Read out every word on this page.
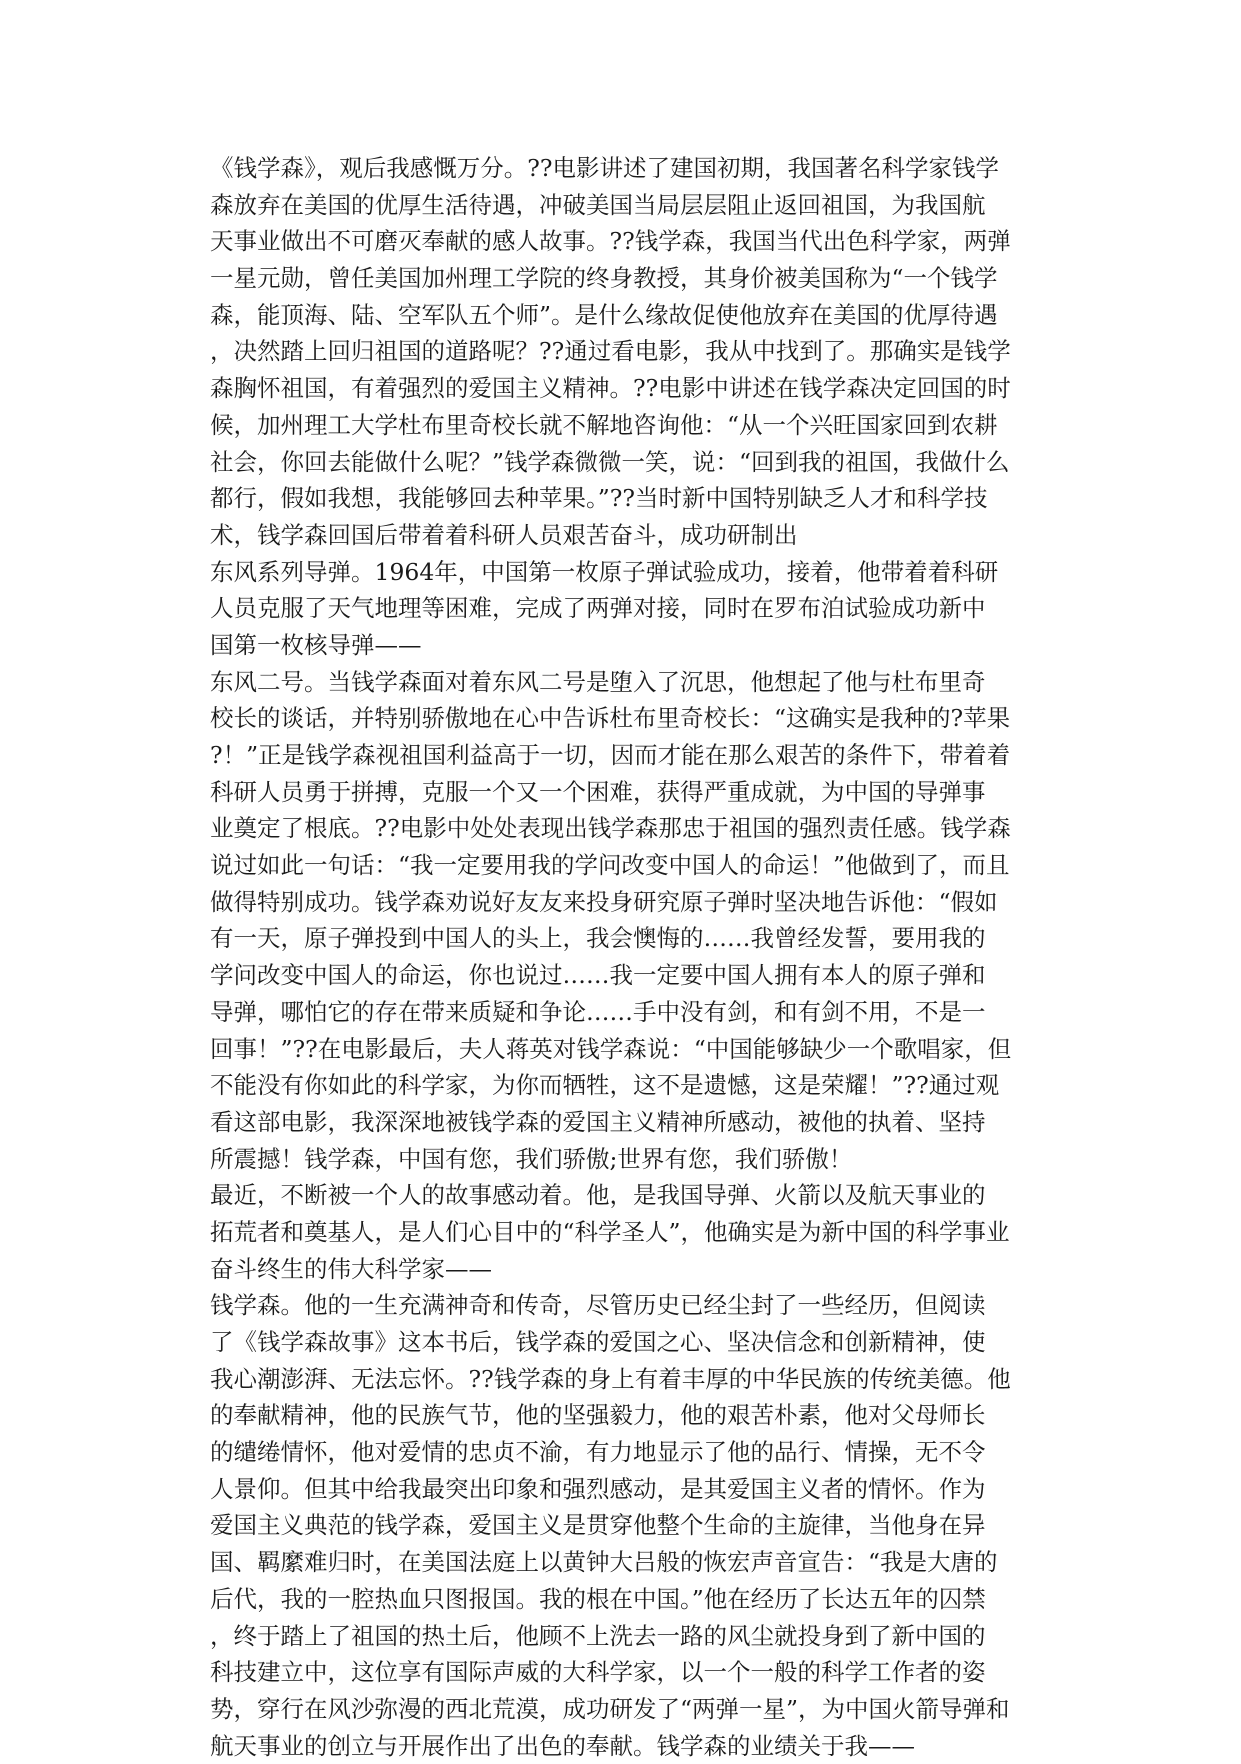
《钱学森》，观后我感慨万分。??电影讲述了建国初期，我国著名科学家钱学
森放弃在美国的优厚生活待遇，冲破美国当局层层阻止返回祖国，为我国航
天事业做出不可磨灭奉献的感人故事。??钱学森，我国当代出色科学家，两弹
一星元勋，曾任美国加州理工学院的终身教授，其身价被美国称为“一个钱学
森，能顶海、陆、空军队五个师”。是什么缘故促使他放弃在美国的优厚待遇
，决然踏上回归祖国的道路呢？??通过看电影，我从中找到了。那确实是钱学
森胸怀祖国，有着强烈的爱国主义精神。??电影中讲述在钱学森决定回国的时
候，加州理工大学杜布里奇校长就不解地咨询他：“从一个兴旺国家回到农耕
社会，你回去能做什么呢？”钱学森微微一笑，说：“回到我的祖国，我做什么
都行，假如我想，我能够回去种苹果。”??当时新中国特别缺乏人才和科学技
术，钱学森回国后带着着科研人员艰苦奋斗，成功研制出
东风系列导弹。1964年，中国第一枚原子弹试验成功，接着，他带着着科研
人员克服了天气地理等困难，完成了两弹对接，同时在罗布泊试验成功新中
国第一枚核导弹——
东风二号。当钱学森面对着东风二号是堕入了沉思，他想起了他与杜布里奇
校长的谈话，并特别骄傲地在心中告诉杜布里奇校长：“这确实是我种的?苹果
?！”正是钱学森视祖国利益高于一切，因而才能在那么艰苦的条件下，带着着
科研人员勇于拼搏，克服一个又一个困难，获得严重成就，为中国的导弹事
业奠定了根底。??电影中处处表现出钱学森那忠于祖国的强烈责任感。钱学森
说过如此一句话：“我一定要用我的学问改变中国人的命运！”他做到了，而且
做得特别成功。钱学森劝说好友友来投身研究原子弹时坚决地告诉他：“假如
有一天，原子弹投到中国人的头上，我会懊悔的……我曾经发誓，要用我的
学问改变中国人的命运，你也说过……我一定要中国人拥有本人的原子弹和
导弹，哪怕它的存在带来质疑和争论……手中没有剑，和有剑不用，不是一
回事！”??在电影最后，夫人蒋英对钱学森说：“中国能够缺少一个歌唱家，但
不能没有你如此的科学家，为你而牺牲，这不是遗憾，这是荣耀！”??通过观
看这部电影，我深深地被钱学森的爱国主义精神所感动，被他的执着、坚持
所震撼！钱学森，中国有您，我们骄傲;世界有您，我们骄傲！
最近，不断被一个人的故事感动着。他，是我国导弹、火箭以及航天事业的
拓荒者和奠基人，是人们心目中的“科学圣人”，他确实是为新中国的科学事业
奋斗终生的伟大科学家——
钱学森。他的一生充满神奇和传奇，尽管历史已经尘封了一些经历，但阅读
了《钱学森故事》这本书后，钱学森的爱国之心、坚决信念和创新精神，使
我心潮澎湃、无法忘怀。??钱学森的身上有着丰厚的中华民族的传统美德。他
的奉献精神，他的民族气节，他的坚强毅力，他的艰苦朴素，他对父母师长
的缱绻情怀，他对爱情的忠贞不渝，有力地显示了他的品行、情操，无不令
人景仰。但其中给我最突出印象和强烈感动，是其爱国主义者的情怀。作为
爱国主义典范的钱学森，爱国主义是贯穿他整个生命的主旋律，当他身在异
国、羁縻难归时，在美国法庭上以黄钟大吕般的恢宏声音宣告：“我是大唐的
后代，我的一腔热血只图报国。我的根在中国。”他在经历了长达五年的囚禁
，终于踏上了祖国的热土后，他顾不上洗去一路的风尘就投身到了新中国的
科技建立中，这位享有国际声威的大科学家，以一个一般的科学工作者的姿
势，穿行在风沙弥漫的西北荒漠，成功研发了“两弹一星”，为中国火箭导弹和
航天事业的创立与开展作出了出色的奉献。钱学森的业绩关于我——
